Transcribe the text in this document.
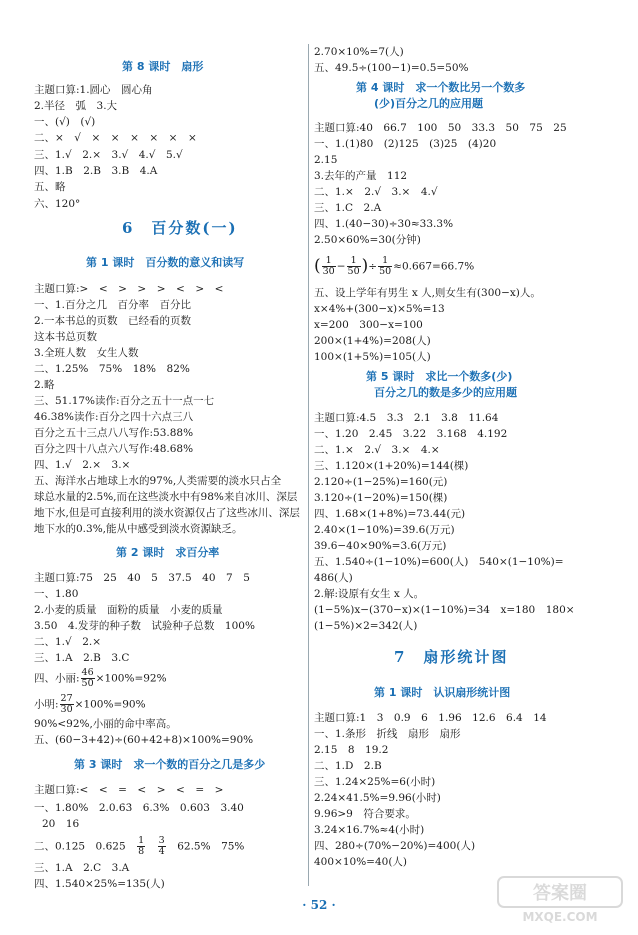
第 8 课时　扇形
主题口算:1.圆心　圆心角
2.半径　弧　3.大
一、(√)　(√)
二、×　√　×　×　×　×　×　×
三、1.√　2.×　3.√　4.√　5.√
四、1.B　2.B　3.B　4.A
五、略
六、120°
6　百分数(一)
第 1 课时　百分数的意义和读写
主题口算:>　<　>　>　>　<　>　<
一、1.百分之几　百分率　百分比
2.一本书总的页数　已经看的页数
这本书总页数
3.全班人数　女生人数
二、1.25%　75%　18%　82%
2.略
三、51.17%读作:百分之五十一点一七
46.38%读作:百分之四十六点三八
百分之五十三点八八写作:53.88%
百分之四十八点六八写作:48.68%
四、1.√　2.×　3.×
五、海洋水占地球上水的97%,人类需要的淡水只占全
球总水量的2.5%,而在这些淡水中有98%来自冰川、深层
地下水,但是可直接利用的淡水资源仅占了这些冰川、深层
地下水的0.3%,能从中感受到淡水资源缺乏。
第 2 课时　求百分率
主题口算:75　25　40　5　37.5　40　7　5
一、1.80
2.小麦的质量　面粉的质量　小麦的质量
3.50　4.发芽的种子数　试验种子总数　100%
二、1.√　2.×
三、1.A　2.B　3.C
四、小丽: $\frac{46}{50} \times 100\%=92\%$
小明: $\frac{27}{30} \times 100\%=90\%$
90%<92%,小丽的命中率高。
五、(60−3+42)÷(60+42+8)×100%=90%
第 3 课时　求一个数的百分之几是多少
主题口算:<　<　=　<　>　<　=　>
一、1.80%　2.0.6̇3̇　6.3%　0.603　3.40
20　16
二、0.125　0.625　 $\frac{1}{8}$
　 $\frac{3}{4}$
　 62.5%　75%
三、1.A　2.C　3.A
四、1.540×25%=135(人)
2.70×10%=7(人)
五、49.5÷(100−1)=0.5=50%
第 4 课时　求一个数比另一个数多
(少)百分之几的应用题
主题口算:40　66.7　100　50　33.3　50　75　25
一、1.(1)80　(2)125　(3)25　(4)20
2.15
3.去年的产量　112
二、1.×　2.√　3.×　4.√
三、1.C　2.A
四、1.(40−30)÷30≈33.3%
2.50×60%=30(分钟)
( $\frac{1}{30} - \frac{1}{50}$ )÷ $\frac{1}{50} \approx 0.667=66.7\%$
五、设上学年有男生 x 人,则女生有(300−x)人。
x×4%+(300−x)×5%=13
x=200　300−x=100
200×(1+4%)=208(人)
100×(1+5%)=105(人)
第 5 课时　求比一个数多(少)
百分之几的数是多少的应用题
主题口算:4.5　3.3　2.1　3.8　11.64
一、1.20　2.45　3.22　3.168　4.192
二、1.×　2.√　3.×　4.×
三、1.120×(1+20%)=144(棵)
2.120÷(1−25%)=160(元)
3.120÷(1−20%)=150(棵)
四、1.68×(1+8%)=73.44(元)
2.40×(1−10%)=39.6(万元)
39.6−40×90%=3.6(万元)
五、1.540÷(1−10%)=600(人)　540×(1−10%)=
486(人)
2.解:设原有女生 x 人。
(1−5%)x−(370−x)×(1−10%)=34　x=180　180×
(1−5%)×2=342(人)
7　扇形统计图
第 1 课时　认识扇形统计图
主题口算:1　3　0.9　6　1.96　12.6　6.4　14
一、1.条形　折线　扇形　扇形
2.15　8　19.2
二、1.D　2.B
三、1.24×25%=6(小时)
2.24×41.5%=9.96(小时)
9.96>9　符合要求。
3.24×16.7%≈4(小时)
四、280÷(70%−20%)=400(人)
400×10%=40(人)
· 52 ·
答案圈
MXQE.COM
